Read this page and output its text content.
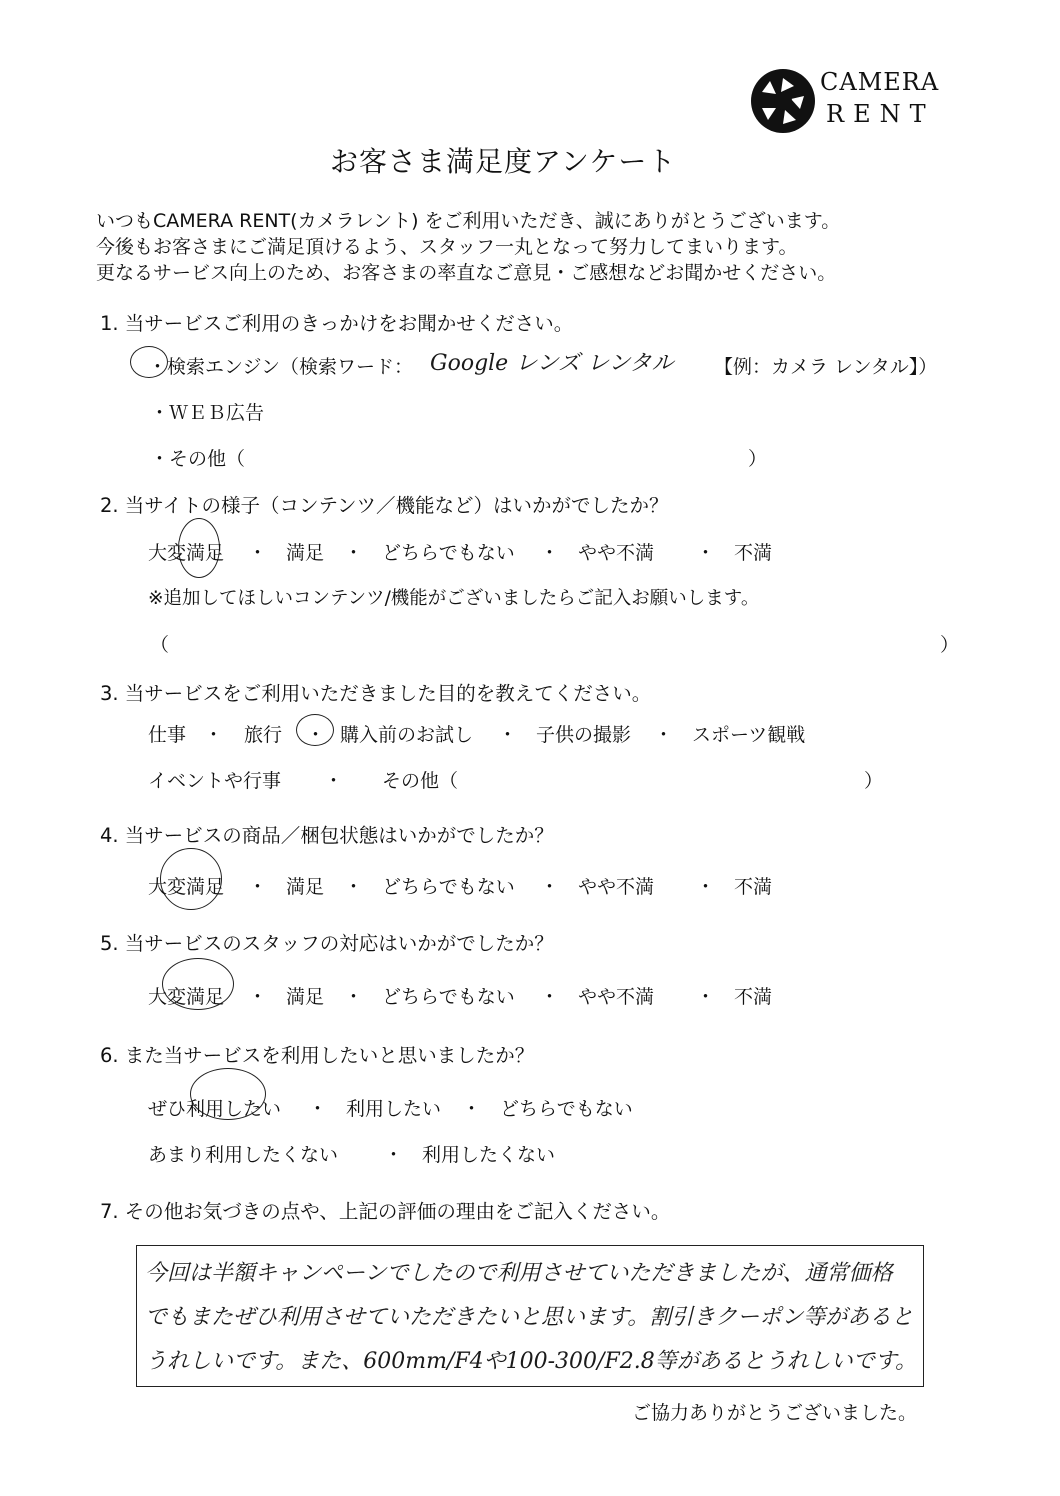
CAMERA
RENT
お客さま満足度アンケート
いつもCAMERA RENT(カメラレント) をご利用いただき、誠にありがとうございます。
今後もお客さまにご満足頂けるよう、スタッフ一丸となって努力してまいります。
更なるサービス向上のため、お客さまの率直なご意見・ご感想などお聞かせください。
1. 当サービスご利用のきっかけをお聞かせください。
・検索エンジン（検索ワード： Google レンズ レンタル 【例：カメラ レンタル】）
・ＷＥＢ広告
・その他（	）
2. 当サイトの様子（コンテンツ／機能など）はいかがでしたか？
大変満足 ・ 満足 ・ どちらでもない ・ やや不満 ・ 不満
※追加してほしいコンテンツ/機能がございましたらご記入お願いします。
（	）
3. 当サービスをご利用いただきました目的を教えてください。
仕事 ・ 旅行 ・ 購入前のお試し ・ 子供の撮影 ・ スポーツ観戦
イベントや行事 ・ その他（	）
4. 当サービスの商品／梱包状態はいかがでしたか？
大変満足 ・ 満足 ・ どちらでもない ・ やや不満 ・ 不満
5. 当サービスのスタッフの対応はいかがでしたか？
大変満足 ・ 満足 ・ どちらでもない ・ やや不満 ・ 不満
6. また当サービスを利用したいと思いましたか？
ぜひ利用したい ・ 利用したい ・ どちらでもない
あまり利用したくない ・ 利用したくない
7. その他お気づきの点や、上記の評価の理由をご記入ください。
今回は半額キャンペーンでしたので利用させていただきましたが、通常価格
でもまたぜひ利用させていただきたいと思います。割引きクーポン等があると
うれしいです。また、600mm/F4や100-300/F2.8等があるとうれしいです。
ご協力ありがとうございました。
